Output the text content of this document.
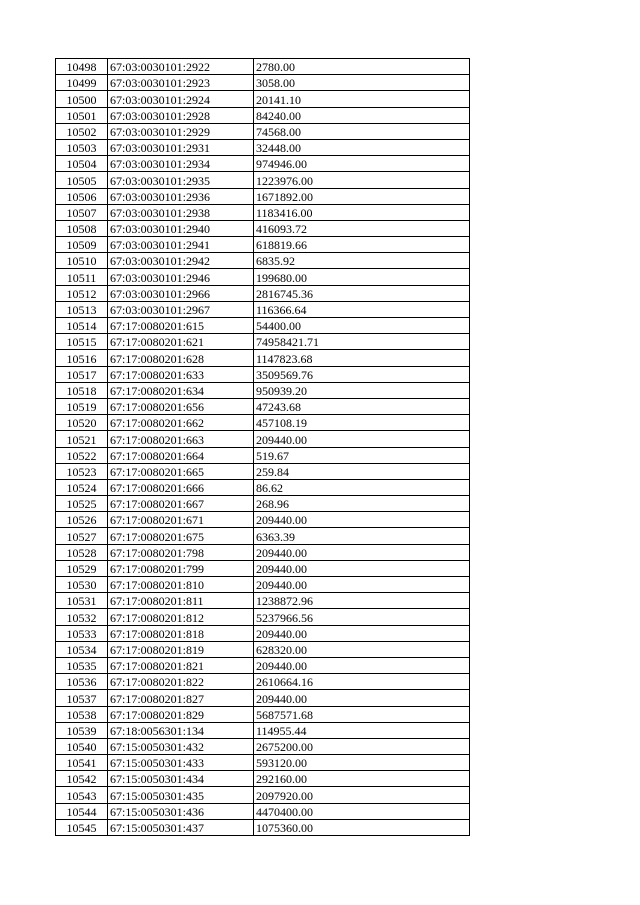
10498	67:03:0030101:2922	2780.00
10499	67:03:0030101:2923	3058.00
10500	67:03:0030101:2924	20141.10
10501	67:03:0030101:2928	84240.00
10502	67:03:0030101:2929	74568.00
10503	67:03:0030101:2931	32448.00
10504	67:03:0030101:2934	974946.00
10505	67:03:0030101:2935	1223976.00
10506	67:03:0030101:2936	1671892.00
10507	67:03:0030101:2938	1183416.00
10508	67:03:0030101:2940	416093.72
10509	67:03:0030101:2941	618819.66
10510	67:03:0030101:2942	6835.92
10511	67:03:0030101:2946	199680.00
10512	67:03:0030101:2966	2816745.36
10513	67:03:0030101:2967	116366.64
10514	67:17:0080201:615	54400.00
10515	67:17:0080201:621	74958421.71
10516	67:17:0080201:628	1147823.68
10517	67:17:0080201:633	3509569.76
10518	67:17:0080201:634	950939.20
10519	67:17:0080201:656	47243.68
10520	67:17:0080201:662	457108.19
10521	67:17:0080201:663	209440.00
10522	67:17:0080201:664	519.67
10523	67:17:0080201:665	259.84
10524	67:17:0080201:666	86.62
10525	67:17:0080201:667	268.96
10526	67:17:0080201:671	209440.00
10527	67:17:0080201:675	6363.39
10528	67:17:0080201:798	209440.00
10529	67:17:0080201:799	209440.00
10530	67:17:0080201:810	209440.00
10531	67:17:0080201:811	1238872.96
10532	67:17:0080201:812	5237966.56
10533	67:17:0080201:818	209440.00
10534	67:17:0080201:819	628320.00
10535	67:17:0080201:821	209440.00
10536	67:17:0080201:822	2610664.16
10537	67:17:0080201:827	209440.00
10538	67:17:0080201:829	5687571.68
10539	67:18:0056301:134	114955.44
10540	67:15:0050301:432	2675200.00
10541	67:15:0050301:433	593120.00
10542	67:15:0050301:434	292160.00
10543	67:15:0050301:435	2097920.00
10544	67:15:0050301:436	4470400.00
10545	67:15:0050301:437	1075360.00
